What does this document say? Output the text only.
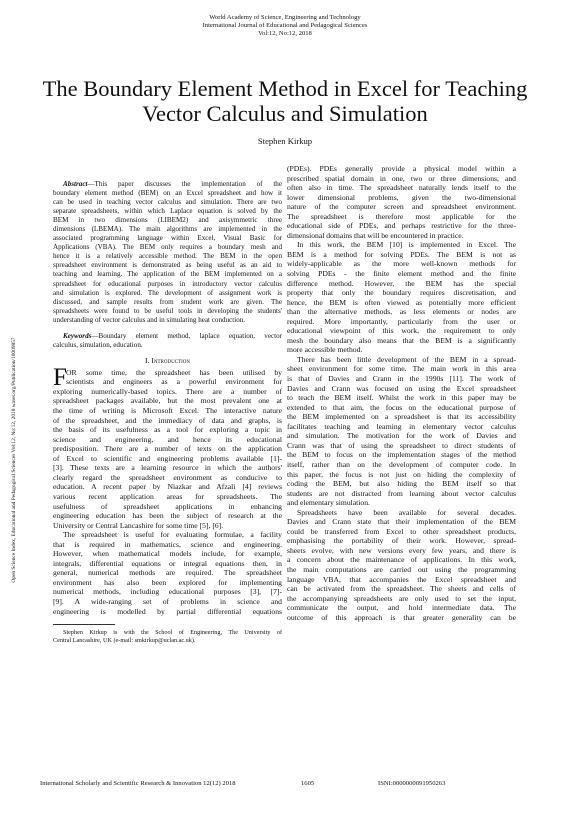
World Academy of Science, Engineering and Technology
International Journal of Educational and Pedagogical Sciences
Vol:12, No:12, 2018
The Boundary Element Method in Excel for Teaching
Vector Calculus and Simulation
Stephen Kirkup
Open Science Index, Educational and Pedagogical Sciences Vol:12, No:12, 2018 waset.org/Publication/10009857
Abstract—This paper discusses the implementation of the
boundary element method (BEM) on an Excel spreadsheet and how it
can be used in teaching vector calculus and simulation. There are two
separate spreadsheets, within which Laplace equation is solved by the
BEM in two dimensions (LIBEM2) and axisymmetric three
dimensions (LBEMA). The main algorithms are implemented in the
associated programming language within Excel, Visual Basic for
Applications (VBA). The BEM only requires a boundary mesh and
hence it is a relatively accessible method. The BEM in the open
spreadsheet environment is demonstrated as being useful as an aid to
teaching and learning. The application of the BEM implemented on a
spreadsheet for educational purposes in introductory vector calculus
and simulation is explored. The development of assignment work is
discussed, and sample results from student work are given. The
spreadsheets were found to be useful tools in developing the students'
understanding of vector calculus and in simulating heat conduction.
Keywords—Boundary element method, laplace equation, vector
calculus, simulation, education.
I. Introduction
F OR some time, the spreadsheet has been utilised by
scientists and engineers as a powerful environment for
exploring numerically-based topics. There are a number of
spreadsheet packages available, but the most prevalent one at
the time of writing is Microsoft Excel. The interactive nature
of the spreadsheet, and the immediacy of data and graphs, is
the basis of its usefulness as a tool for exploring a topic in
science and engineering, and hence its educational
predisposition. There are a number of texts on the application
of Excel to scientific and engineering problems available [1]-
[3]. These texts are a learning resource in which the authors'
clearly regard the spreadsheet environment as conducive to
education. A recent paper by Niazkar and Afzali [4] reviews
various recent application areas for spreadsheets. The
usefulness of spreadsheet applications in enhancing
engineering education has been the subject of research at the
University or Central Lancashire for some time [5], [6].
The spreadsheet is useful for evaluating formulae, a facility
that is required in mathematics, science and engineering.
However, when mathematical models include, for example,
integrals, differential equations or integral equations then, in
general, numerical methods are required. The spreadsheet
environment has also been explored for implementing
numerical methods, including educational purposes [3], [7]-
[9]. A wide-ranging set of problems in science and
engineering is modelled by partial differential equations
Stephen Kirkup is with the School of Engineering, The University of
Central Lancashire, UK (e-mail: smkirkup@uclan.ac.uk).
(PDEs). PDEs generally provide a physical model within a
prescribed spatial domain in one, two or three dimensions, and
often also in time. The spreadsheet naturally lends itself to the
lower dimensional problems, given the two-dimensional
nature of the computer screen and spreadsheet environment.
The spreadsheet is therefore most applicable for the
educational side of PDEs, and perhaps restrictive for the three-
dimensional domains that will be encountered in practice.
In this work, the BEM [10] is implemented in Excel. The
BEM is a method for solving PDEs. The BEM is not as
widely-applicable as the more well-known methods for
solving PDEs - the finite element method and the finite
difference method. However, the BEM has the special
property that only the boundary requires discretisation, and
hence, the BEM is often viewed as potentially more efficient
than the alternative methods, as less elements or nodes are
required. More importantly, particularly from the user or
educational viewpoint of this work, the requirement to only
mesh the boundary also means that the BEM is a significantly
more accessible method.
There has been little development of the BEM in a spread-
sheet environment for some time. The main work in this area
is that of Davies and Crann in the 1990s [11]. The work of
Davies and Crann was focused on using the Excel spreadsheet
to teach the BEM itself. Whilst the work in this paper may be
extended to that aim, the focus on the educational purpose of
the BEM implemented on a spreadsheet is that its accessibility
facilitates teaching and learning in elementary vector calculus
and simulation. The motivation for the work of Davies and
Crann was that of using the spreadsheet to direct students of
the BEM to focus on the implementation stages of the method
itself, rather than on the development of computer code. In
this paper, the focus is not just on hiding the complexity of
coding the BEM, but also hiding the BEM itself so that
students are not distracted from learning about vector calculus
and elementary simulation.
Spreadsheets have been available for several decades.
Davies and Crann state that their implementation of the BEM
could be transferred from Excel to other spreadsheet products,
emphasising the portability of their work. However, spread-
sheets evolve, with new versions every few years, and there is
a concern about the maintenance of applications. In this work,
the main computations are carried out using the programming
language VBA, that accompanies the Excel spreadsheet and
can be activated from the spreadsheet. The sheets and cells of
the accompanying spreadsheets are only used to set the input,
communicate the output, and hold intermediate data. The
outcome of this approach is that greater generality can be
International Scholarly and Scientific Research & Innovation 12(12) 2018	1605	ISNI:0000000091950263
